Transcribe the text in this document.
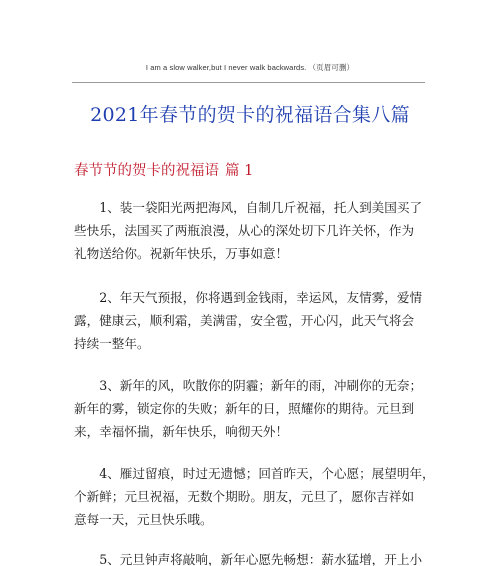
I am a slow walker,but I never walk backwards. （页眉可删）
2021年春节的贺卡的祝福语合集八篇
春节节的贺卡的祝福语 篇 1
　　1、装一袋阳光两把海风，自制几斤祝福，托人到美国买了
些快乐，法国买了两瓶浪漫，从心的深处切下几许关怀，作为
礼物送给你。祝新年快乐，万事如意！
　　2、年天气预报，你将遇到金钱雨，幸运风，友情雾，爱情
露，健康云，顺利霜，美满雷，安全雹，开心闪，此天气将会
持续一整年。
　　3、新年的风，吹散你的阴霾；新年的雨，冲刷你的无奈；
新年的雾，锁定你的失败；新年的日，照耀你的期待。元旦到
来，幸福怀揣，新年快乐，响彻天外！
　　4、雁过留痕，时过无遗憾；回首昨天，个心愿；展望明年，
个新鲜；元旦祝福，无数个期盼。朋友，元旦了，愿你吉祥如
意每一天，元旦快乐哦。
　　5、元旦钟声将敲响，新年心愿先畅想：薪水猛增，开上小
